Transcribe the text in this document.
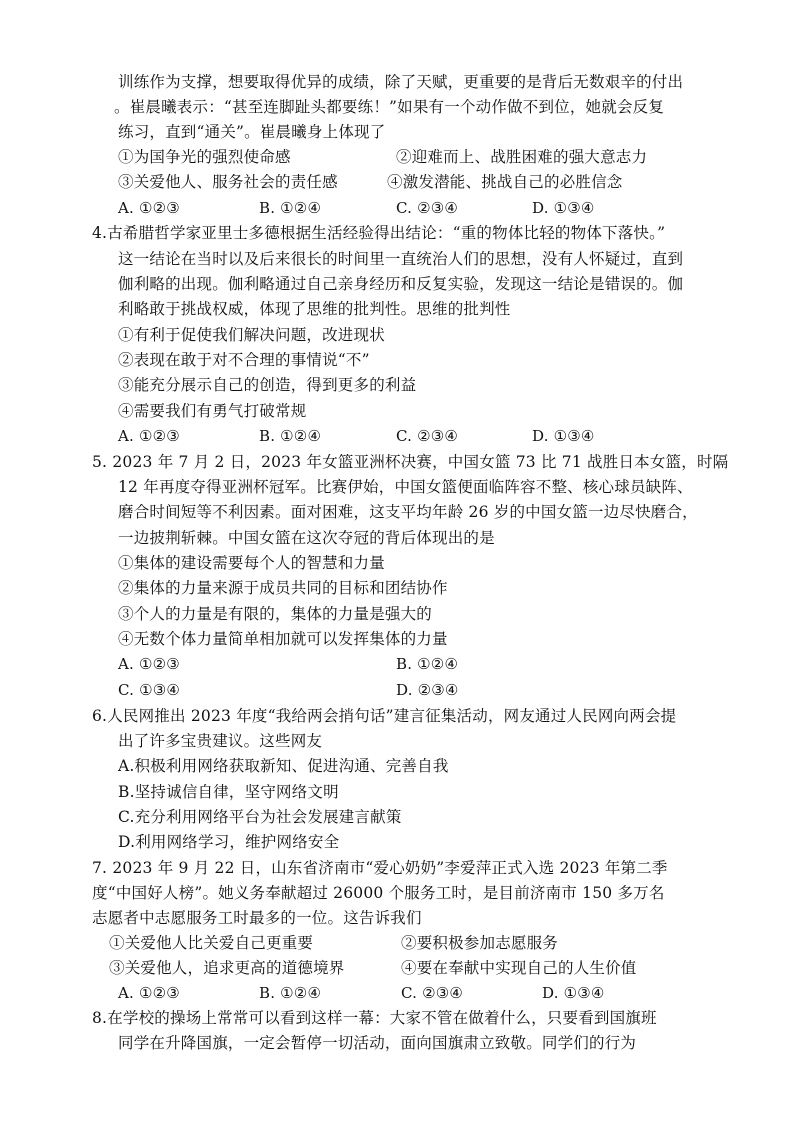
训练作为支撑，想要取得优异的成绩，除了天赋，更重要的是背后无数艰辛的付出
。崔晨曦表示：“甚至连脚趾头都要练！”如果有一个动作做不到位，她就会反复
练习，直到“通关”。崔晨曦身上体现了
①为国争光的强烈使命感	②迎难而上、战胜困难的强大意志力
③关爱他人、服务社会的责任感	④激发潜能、挑战自己的必胜信念
A. ①②③	B. ①②④	C. ②③④	D. ①③④
4.古希腊哲学家亚里士多德根据生活经验得出结论：“重的物体比轻的物体下落快。”
这一结论在当时以及后来很长的时间里一直统治人们的思想，没有人怀疑过，直到
伽利略的出现。伽利略通过自己亲身经历和反复实验，发现这一结论是错误的。伽
利略敢于挑战权威，体现了思维的批判性。思维的批判性
①有利于促使我们解决问题，改进现状
②表现在敢于对不合理的事情说“不”
③能充分展示自己的创造，得到更多的利益
④需要我们有勇气打破常规
A. ①②③	B. ①②④	C. ②③④	D. ①③④
5. 2023 年 7 月 2 日，2023 年女篮亚洲杯决赛，中国女篮 73 比 71 战胜日本女篮，时隔
12 年再度夺得亚洲杯冠军。比赛伊始，中国女篮便面临阵容不整、核心球员缺阵、
磨合时间短等不利因素。面对困难，这支平均年龄 26 岁的中国女篮一边尽快磨合，
一边披荆斩棘。中国女篮在这次夺冠的背后体现出的是
①集体的建设需要每个人的智慧和力量
②集体的力量来源于成员共同的目标和团结协作
③个人的力量是有限的，集体的力量是强大的
④无数个体力量简单相加就可以发挥集体的力量
A. ①②③	B. ①②④
C. ①③④	D. ②③④
6.人民网推出 2023 年度“我给两会捎句话”建言征集活动，网友通过人民网向两会提
出了许多宝贵建议。这些网友
A.积极利用网络获取新知、促进沟通、完善自我
B.坚持诚信自律，坚守网络文明
C.充分利用网络平台为社会发展建言献策
D.利用网络学习，维护网络安全
7. 2023 年 9 月 22 日，山东省济南市“爱心奶奶”李爱萍正式入选 2023 年第二季
度“中国好人榜”。她义务奉献超过 26000 个服务工时，是目前济南市 150 多万名
志愿者中志愿服务工时最多的一位。这告诉我们
①关爱他人比关爱自己更重要	②要积极参加志愿服务
③关爱他人，追求更高的道德境界	④要在奉献中实现自己的人生价值
A. ①②③	B. ①②④	C. ②③④	D. ①③④
8.在学校的操场上常常可以看到这样一幕：大家不管在做着什么，只要看到国旗班
同学在升降国旗，一定会暂停一切活动，面向国旗肃立致敬。同学们的行为
